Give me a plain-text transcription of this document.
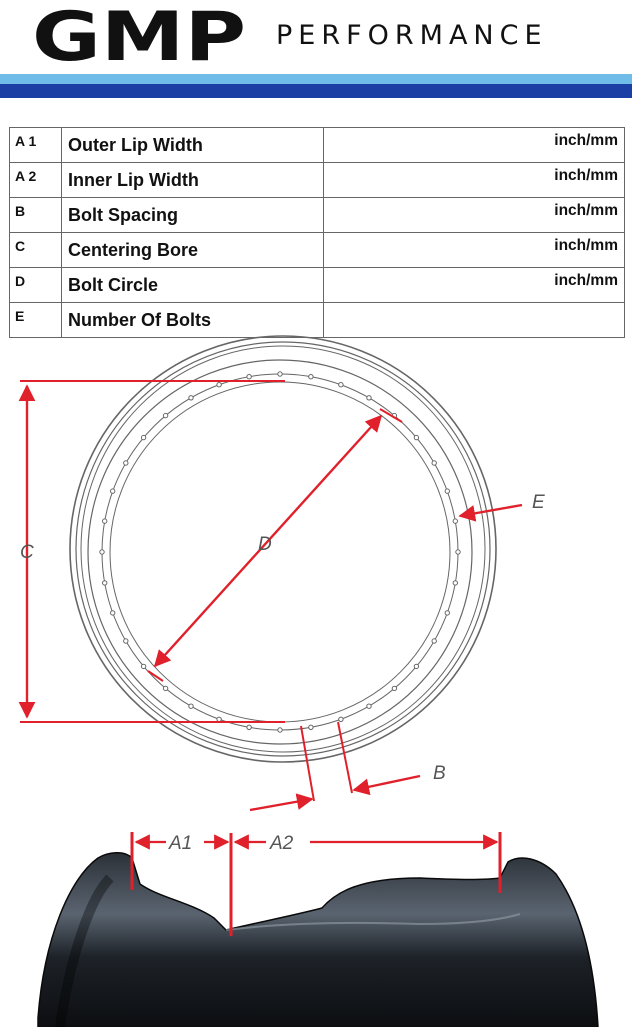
GMP PERFORMANCE
A 1	Outer Lip Width	inch/mm
A 2	Inner Lip Width	inch/mm
B	Bolt Spacing	inch/mm
C	Centering Bore	inch/mm
D	Bolt Circle	inch/mm
E	Number Of Bolts	
C	D
E
B
A1	A2
